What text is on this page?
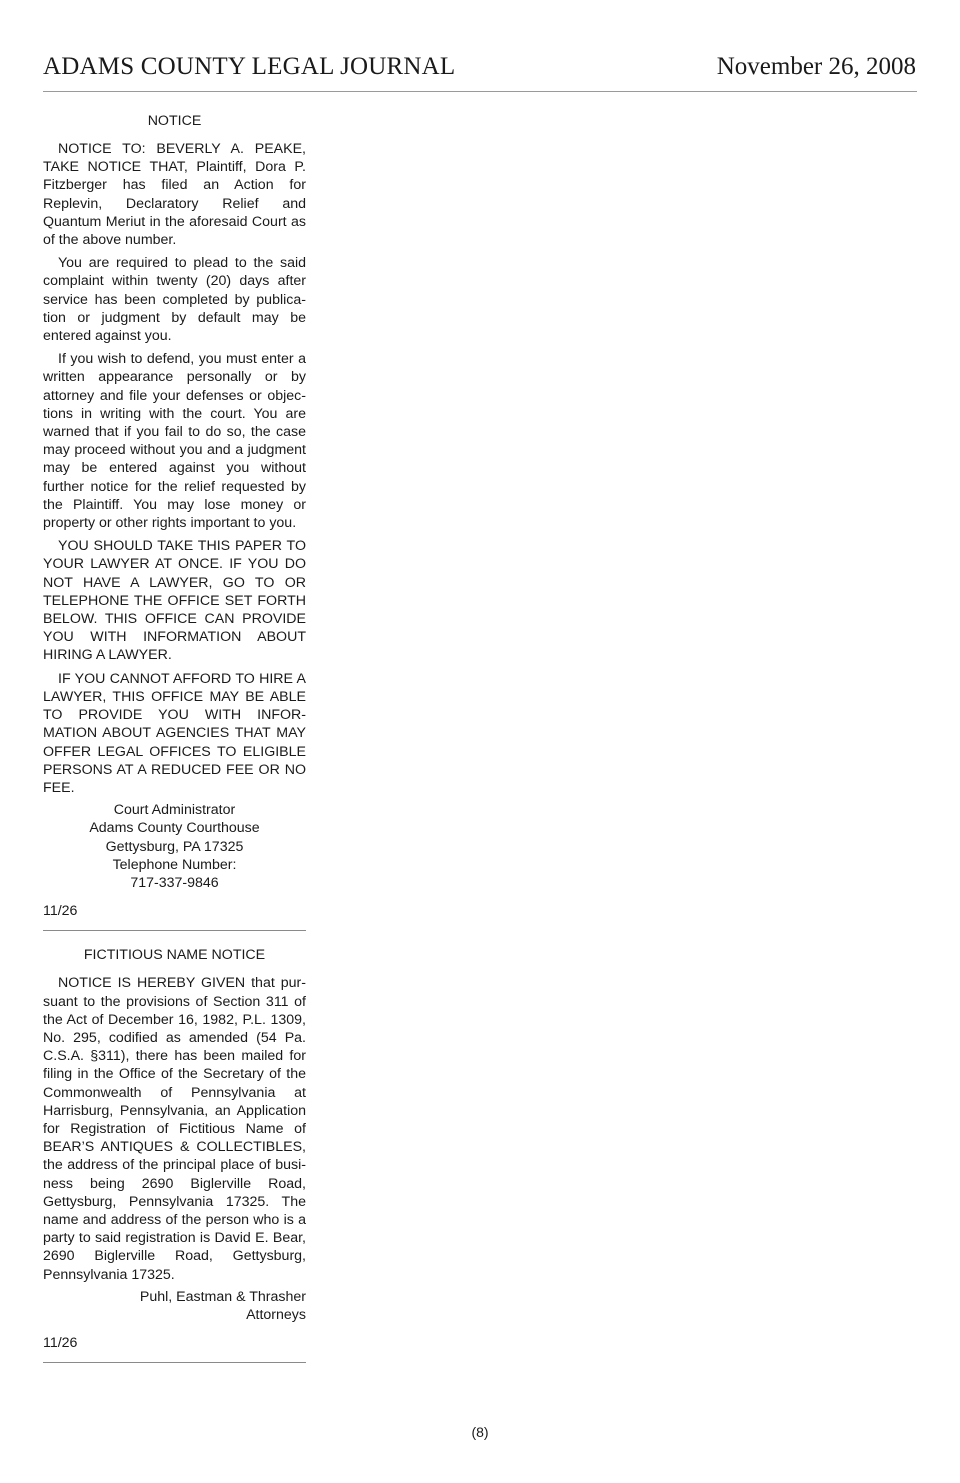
ADAMS COUNTY LEGAL JOURNAL	November 26, 2008
NOTICE

NOTICE TO: BEVERLY A. PEAKE, TAKE NOTICE THAT, Plaintiff, Dora P. Fitzberger has filed an Action for Replevin, Declaratory Relief and Quantum Meriut in the aforesaid Court as of the above number.

You are required to plead to the said complaint within twenty (20) days after service has been completed by publication or judgment by default may be entered against you.

If you wish to defend, you must enter a written appearance personally or by attorney and file your defenses or objections in writing with the court. You are warned that if you fail to do so, the case may proceed without you and a judgment may be entered against you without further notice for the relief requested by the Plaintiff. You may lose money or property or other rights important to you.

YOU SHOULD TAKE THIS PAPER TO YOUR LAWYER AT ONCE. IF YOU DO NOT HAVE A LAWYER, GO TO OR TELEPHONE THE OFFICE SET FORTH BELOW. THIS OFFICE CAN PROVIDE YOU WITH INFORMATION ABOUT HIRING A LAWYER.

IF YOU CANNOT AFFORD TO HIRE A LAWYER, THIS OFFICE MAY BE ABLE TO PROVIDE YOU WITH INFORMATION ABOUT AGENCIES THAT MAY OFFER LEGAL OFFICES TO ELIGIBLE PERSONS AT A REDUCED FEE OR NO FEE.

Court Administrator
Adams County Courthouse
Gettysburg, PA 17325
Telephone Number:
717-337-9846

11/26

FICTITIOUS NAME NOTICE

NOTICE IS HEREBY GIVEN that pursuant to the provisions of Section 311 of the Act of December 16, 1982, P.L. 1309, No. 295, codified as amended (54 Pa. C.S.A. §311), there has been mailed for filing in the Office of the Secretary of the Commonwealth of Pennsylvania at Harrisburg, Pennsylvania, an Application for Registration of Fictitious Name of BEAR’S ANTIQUES & COLLECTIBLES, the address of the principal place of business being 2690 Biglerville Road, Gettysburg, Pennsylvania 17325. The name and address of the person who is a party to said registration is David E. Bear, 2690 Biglerville Road, Gettysburg, Pennsylvania 17325.

Puhl, Eastman & Thrasher
Attorneys

11/26

(8)
